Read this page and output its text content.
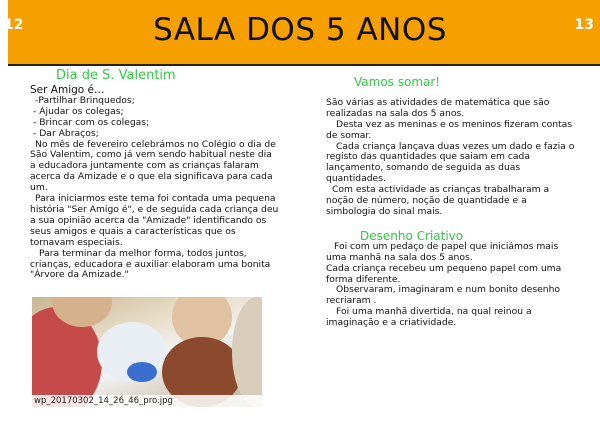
12	SALA DOS 5 ANOS	13
Dia de S. Valentim

Ser Amigo é…

-Partilhar Brinquedos;

- Ajudar os colegas;

- Brincar com os colegas;

- Dar Abraços;

No mês de fevereiro celebrámos no Colégio o dia de São Valentim, como já vem sendo habitual neste dia a educadora juntamente com as crianças falaram acerca da Amizade e o que ela significava para cada um.

Para iniciarmos este tema foi contada uma pequena história "Ser Amigo é", e de seguida cada criança deu a sua opinião acerca da "Amizade" identificando os seus amigos e quais a características que os tornavam especiais.

Para terminar da melhor forma, todos juntos, crianças, educadora e auxiliar elaboram uma bonita "Árvore da Amizade."

wp_20170302_14_26_46_pro.jpg
Vamos somar!

São várias as atividades de matemática que são realizadas na sala dos 5 anos.

Desta vez as meninas e os meninos fizeram contas de somar.

Cada criança lançava duas vezes um dado e fazia o registo das quantidades que saiam em cada lançamento, somando de seguida as duas quantidades.

Com esta actividade as crianças trabalharam a noção de número, noção de quantidade e a simbologia do sinal mais.

Desenho Criativo

Foi com um pedaço de papel que iniciámos mais uma manhã na sala dos 5 anos.

Cada criança recebeu um pequeno papel com uma forma diferente.

Observaram, imaginaram e num bonito desenho recriaram .

Foi uma manhã divertida, na qual reinou a imaginação e a criatividade.
